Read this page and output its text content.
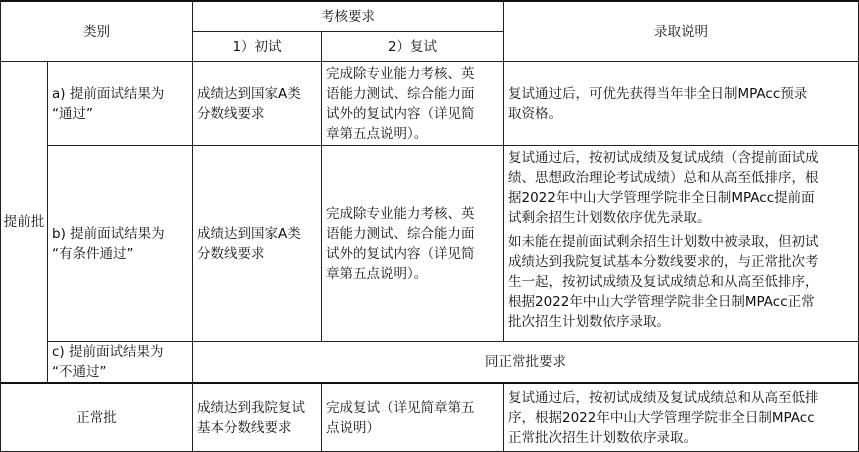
类别
考核要求
录取说明
1）初试	2）复试
提前批
a) 提前面试结果为
“通过”
成绩达到国家A类
分数线要求
完成除专业能力考核、英
语能力测试、综合能力面
试外的复试内容（详见简
章第五点说明）。
复试通过后，可优先获得当年非全日制MPAcc预录
取资格。
b) 提前面试结果为
“有条件通过”
成绩达到国家A类
分数线要求
完成除专业能力考核、英
语能力测试、综合能力面
试外的复试内容（详见简
章第五点说明）。
复试通过后，按初试成绩及复试成绩（含提前面试成
绩、思想政治理论考试成绩）总和从高至低排序，根
据2022年中山大学管理学院非全日制MPAcc提前面
试剩余招生计划数依序优先录取。
如未能在提前面试剩余招生计划数中被录取，但初试
成绩达到我院复试基本分数线要求的，与正常批次考
生一起，按初试成绩及复试成绩总和从高至低排序，
根据2022年中山大学管理学院非全日制MPAcc正常
批次招生计划数依序录取。
c) 提前面试结果为
“不通过”
同正常批要求
正常批
成绩达到我院复试
基本分数线要求
完成复试（详见简章第五
点说明）
复试通过后，按初试成绩及复试成绩总和从高至低排
序，根据2022年中山大学管理学院非全日制MPAcc
正常批次招生计划数依序录取。
